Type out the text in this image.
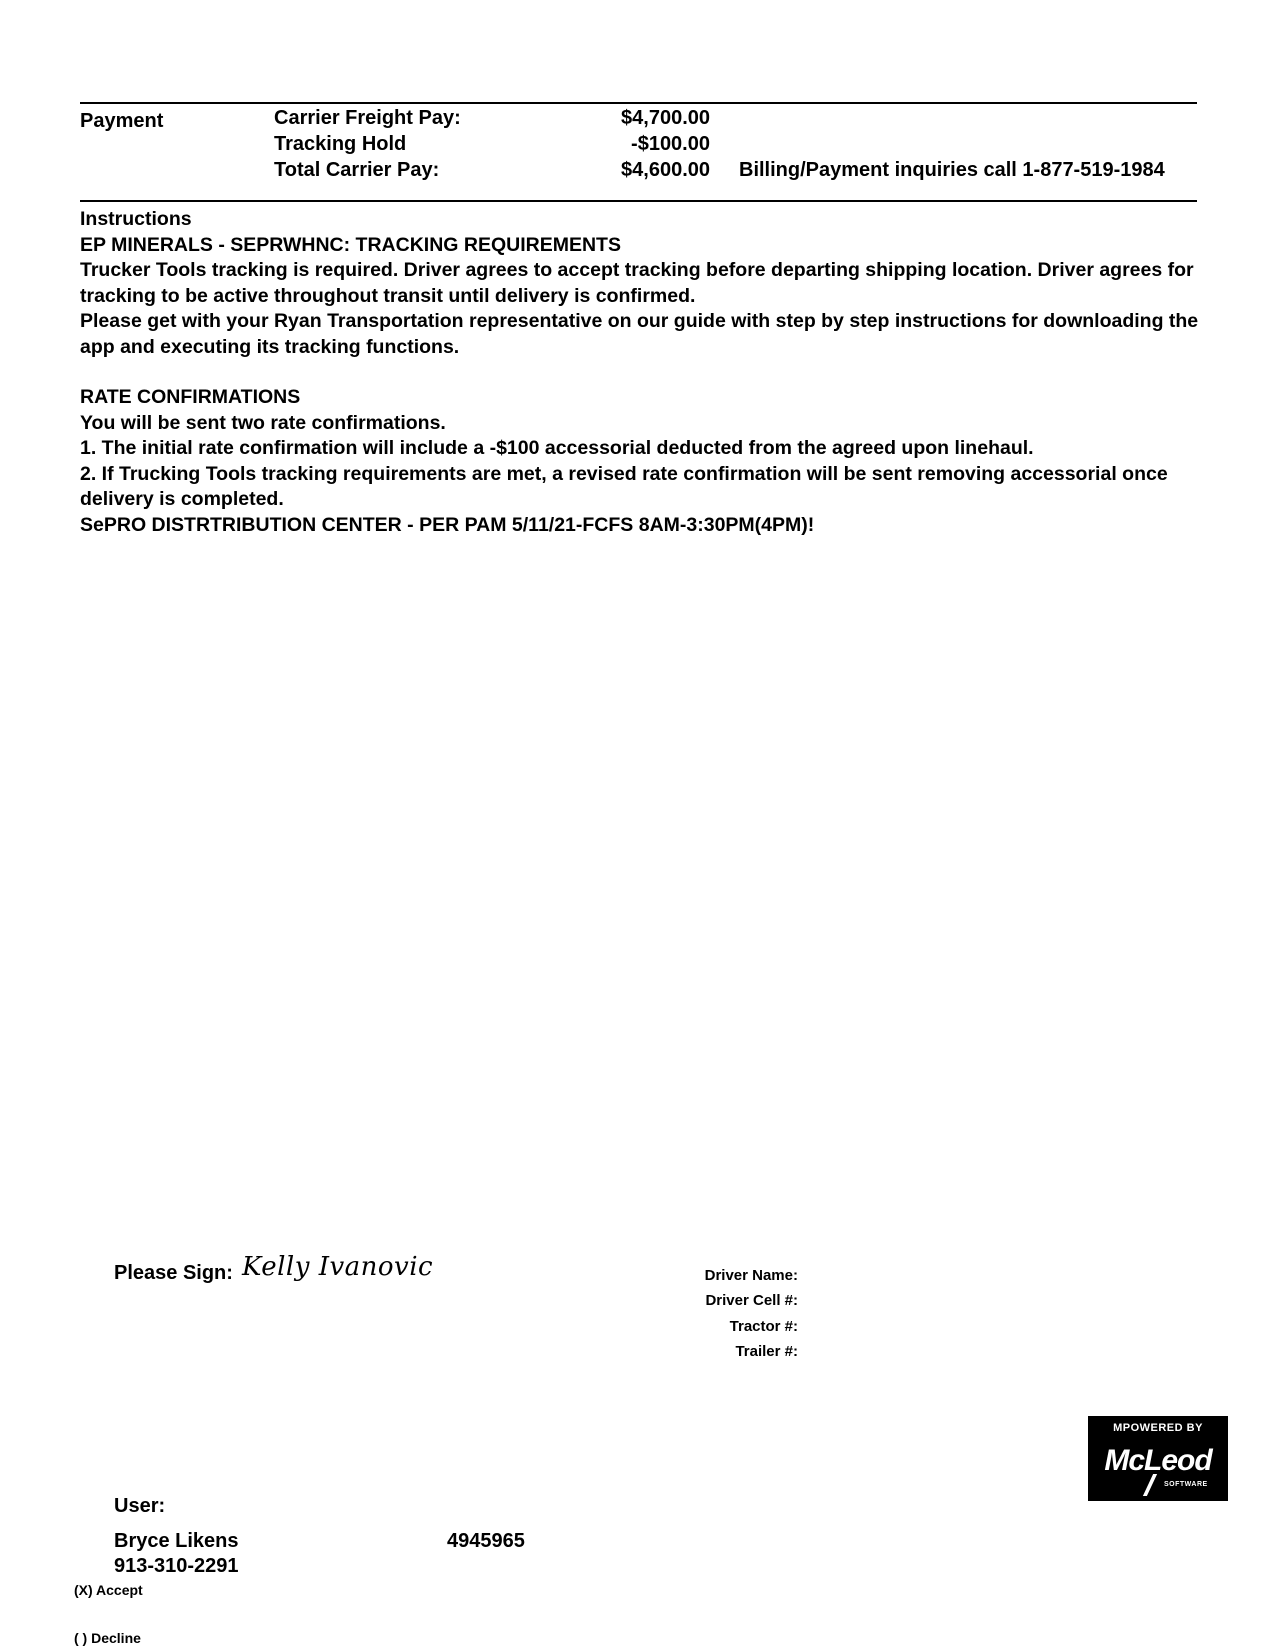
Payment	Carrier Freight Pay:	$4,700.00
Tracking Hold	-$100.00
Total Carrier Pay:	$4,600.00 Billing/Payment inquiries call 1-877-519-1984

Instructions

EP MINERALS - SEPRWHNC: TRACKING REQUIREMENTS

Trucker Tools tracking is required. Driver agrees to accept tracking before departing shipping location. Driver agrees for tracking to be active throughout transit until delivery is confirmed.

Please get with your Ryan Transportation representative on our guide with step by step instructions for downloading the app and executing its tracking functions.

RATE CONFIRMATIONS

You will be sent two rate confirmations.

1. The initial rate confirmation will include a -$100 accessorial deducted from the agreed upon linehaul.

2. If Trucking Tools tracking requirements are met, a revised rate confirmation will be sent removing accessorial once delivery is completed.

SePRO DISTRTRIBUTION CENTER - PER PAM 5/11/21-FCFS 8AM-3:30PM(4PM)!

Please Sign: Kelly Ivanovic	Driver Name:
Driver Cell #:
Tractor #:
Trailer #:
MPOWERED BY
McLeod
SOFTWARE
User:
Bryce Likens	4945965
913-310-2291
(X) Accept
( ) Decline
